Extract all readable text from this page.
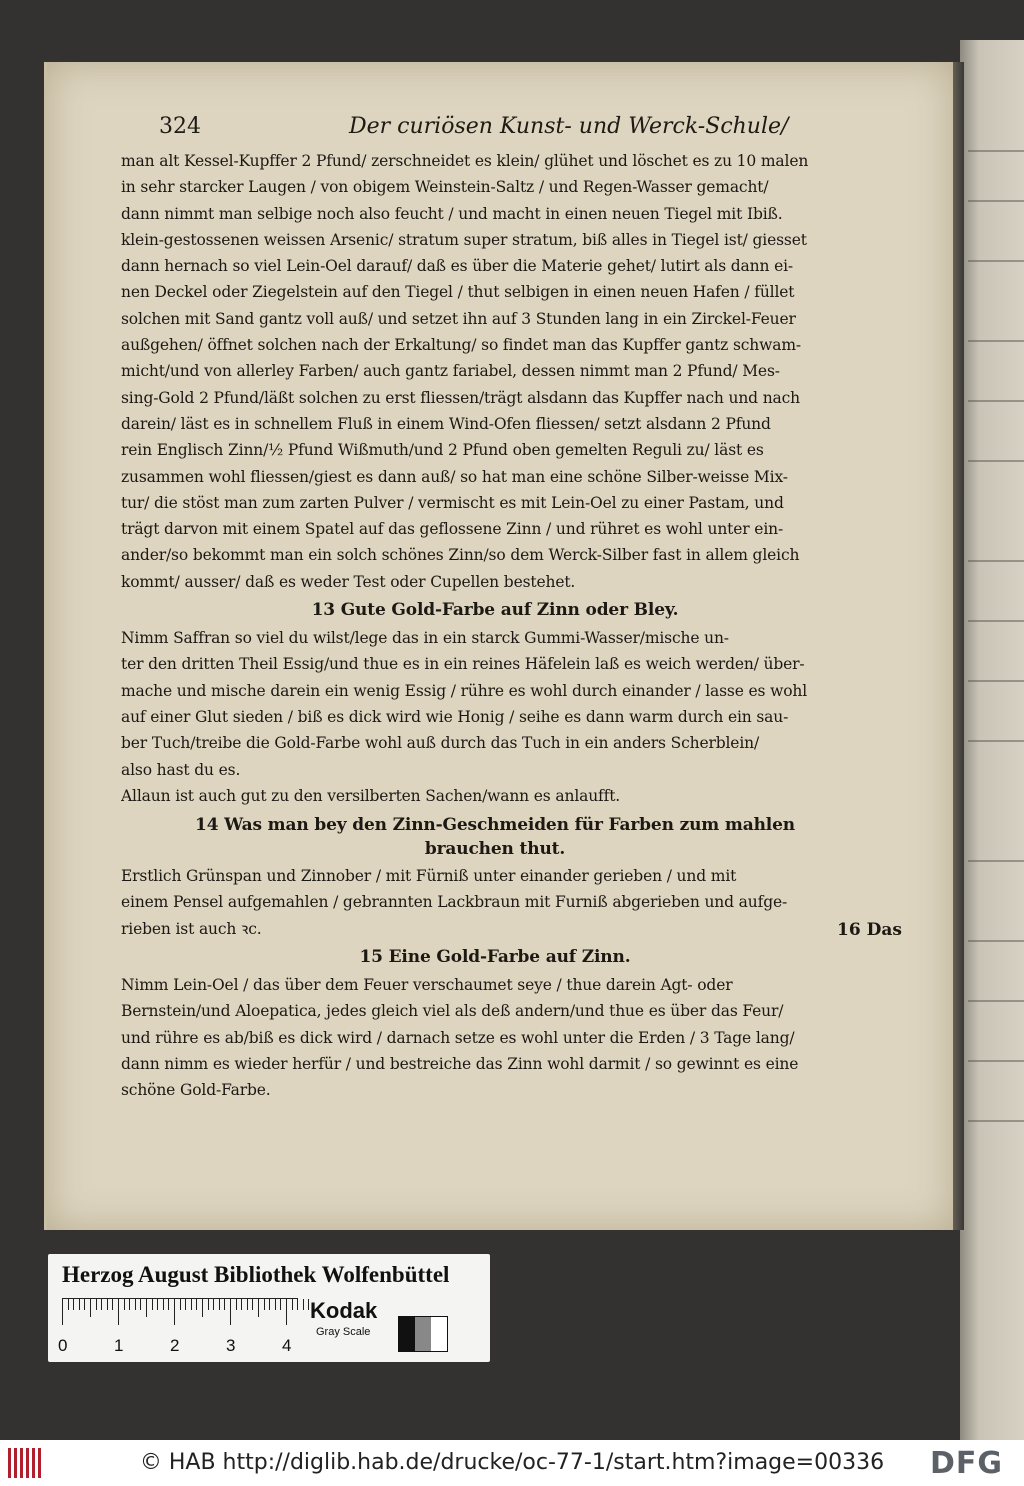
324	Der curiösen Kunst- und Werck-Schule/
man alt Kessel-Kupffer 2 Pfund/ zerschneidet es klein/ glühet und löschet es zu 10 malen
in sehr starcker Laugen / von obigem Weinstein-Saltz / und Regen-Wasser gemacht/
dann nimmt man selbige noch also feucht / und macht in einen neuen Tiegel mit Ibiß.
klein-gestossenen weissen Arsenic/ stratum super stratum, biß alles in Tiegel ist/ giesset
dann hernach so viel Lein-Oel darauf/ daß es über die Materie gehet/ lutirt als dann ei-
nen Deckel oder Ziegelstein auf den Tiegel / thut selbigen in einen neuen Hafen / füllet
solchen mit Sand gantz voll auß/ und setzet ihn auf 3 Stunden lang in ein Zirckel-Feuer
außgehen/ öffnet solchen nach der Erkaltung/ so findet man das Kupffer gantz schwam-
micht/und von allerley Farben/ auch gantz fariabel, dessen nimmt man 2 Pfund/ Mes-
sing-Gold 2 Pfund/läßt solchen zu erst fliessen/trägt alsdann das Kupffer nach und nach
darein/ läst es in schnellem Fluß in einem Wind-Ofen fliessen/ setzt alsdann 2 Pfund
rein Englisch Zinn/½ Pfund Wißmuth/und 2 Pfund oben gemelten Reguli zu/ läst es
zusammen wohl fliessen/giest es dann auß/ so hat man eine schöne Silber-weisse Mix-
tur/ die stöst man zum zarten Pulver / vermischt es mit Lein-Oel zu einer Pastam, und
trägt darvon mit einem Spatel auf das geflossene Zinn / und rühret es wohl unter ein-
ander/so bekommt man ein solch schönes Zinn/so dem Werck-Silber fast in allem gleich
kommt/ ausser/ daß es weder Test oder Cupellen bestehet.
13 Gute Gold-Farbe auf Zinn oder Bley.
Nimm Saffran so viel du wilst/lege das in ein starck Gummi-Wasser/mische un-
ter den dritten Theil Essig/und thue es in ein reines Häfelein laß es weich werden/ über-
mache und mische darein ein wenig Essig / rühre es wohl durch einander / lasse es wohl
auf einer Glut sieden / biß es dick wird wie Honig / seihe es dann warm durch ein sau-
ber Tuch/treibe die Gold-Farbe wohl auß durch das Tuch in ein anders Scherblein/
also hast du es.
Allaun ist auch gut zu den versilberten Sachen/wann es anlaufft.
14 Was man bey den Zinn-Geschmeiden für Farben zum mahlen
brauchen thut.
Erstlich Grünspan und Zinnober / mit Fürniß unter einander gerieben / und mit
einem Pensel aufgemahlen / gebrannten Lackbraun mit Furniß abgerieben und aufge-
rieben ist auch ꝛc.
15 Eine Gold-Farbe auf Zinn.
Nimm Lein-Oel / das über dem Feuer verschaumet seye / thue darein Agt- oder
Bernstein/und Aloepatica, jedes gleich viel als deß andern/und thue es über das Feur/
und rühre es ab/biß es dick wird / darnach setze es wohl unter die Erden / 3 Tage lang/
dann nimm es wieder herfür / und bestreiche das Zinn wohl darmit / so gewinnt es eine
schöne Gold-Farbe.
16 Das
Herzog August Bibliothek Wolfenbüttel
0	1	2	3	4
Kodak
Gray Scale
© HAB http://diglib.hab.de/drucke/oc-77-1/start.htm?image=00336	DFG
